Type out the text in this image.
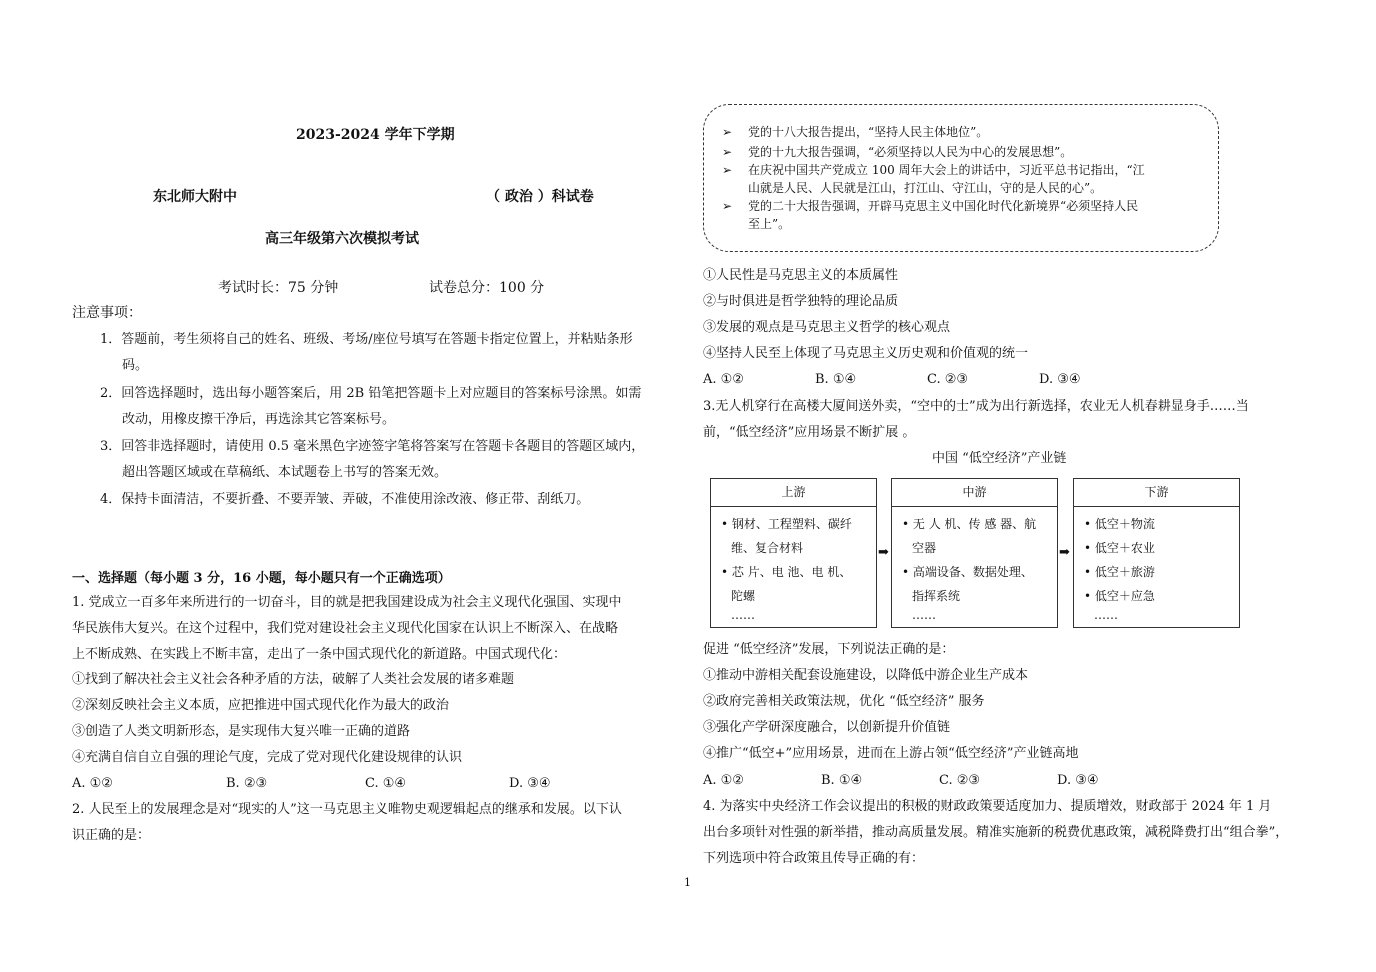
2023-2024 学年下学期
东北师大附中	（ 政治 ）科试卷
高三年级第六次模拟考试
考试时长：75 分钟	试卷总分：100 分
注意事项：
1．答题前，考生须将自己的姓名、班级、考场/座位号填写在答题卡指定位置上，并粘贴条形
码。
2．回答选择题时，选出每小题答案后，用 2B 铅笔把答题卡上对应题目的答案标号涂黑。如需
改动，用橡皮擦干净后，再选涂其它答案标号。
3．回答非选择题时，请使用 0.5 毫米黑色字迹签字笔将答案写在答题卡各题目的答题区域内，
超出答题区域或在草稿纸、本试题卷上书写的答案无效。
4．保持卡面清洁，不要折叠、不要弄皱、弄破，不准使用涂改液、修正带、刮纸刀。
一、选择题（每小题 3 分，16 小题，每小题只有一个正确选项）
1. 党成立一百多年来所进行的一切奋斗，目的就是把我国建设成为社会主义现代化强国、实现中
华民族伟大复兴。在这个过程中，我们党对建设社会主义现代化国家在认识上不断深入、在战略
上不断成熟、在实践上不断丰富，走出了一条中国式现代化的新道路。中国式现代化：
①找到了解决社会主义社会各种矛盾的方法，破解了人类社会发展的诸多难题
②深刻反映社会主义本质，应把推进中国式现代化作为最大的政治
③创造了人类文明新形态，是实现伟大复兴唯一正确的道路
④充满自信自立自强的理论气度，完成了党对现代化建设规律的认识
A. ①②	B. ②③	C. ①④	D. ③④
2. 人民至上的发展理念是对“现实的人”这一马克思主义唯物史观逻辑起点的继承和发展。以下认
识正确的是：
➢ 党的十八大报告提出，“坚持人民主体地位”。
➢ 党的十九大报告强调，“必须坚持以人民为中心的发展思想”。
➢ 在庆祝中国共产党成立 100 周年大会上的讲话中，习近平总书记指出，“江
山就是人民、人民就是江山，打江山、守江山，守的是人民的心”。
➢ 党的二十大报告强调，开辟马克思主义中国化时代化新境界“必须坚持人民
至上”。
①人民性是马克思主义的本质属性
②与时俱进是哲学独特的理论品质
③发展的观点是马克思主义哲学的核心观点
④坚持人民至上体现了马克思主义历史观和价值观的统一
A. ①②	B. ①④	C. ②③	D. ③④
3.无人机穿行在高楼大厦间送外卖，“空中的士”成为出行新选择，农业无人机春耕显身手……当
前，“低空经济”应用场景不断扩展 。
中国 “低空经济”产业链
上游
• 钢材、工程塑料、碳纤
维、复合材料
• 芯 片、电 池、电 机、
陀螺
……
➡
中游
• 无 人 机、传 感 器、航
空器
• 高端设备、数据处理、
指挥系统
……
➡
下游
• 低空＋物流
• 低空＋农业
• 低空＋旅游
• 低空＋应急
……
促进 “低空经济”发展，下列说法正确的是：
①推动中游相关配套设施建设，以降低中游企业生产成本
②政府完善相关政策法规，优化 “低空经济” 服务
③强化产学研深度融合，以创新提升价值链
④推广“低空+”应用场景，进而在上游占领“低空经济”产业链高地
A. ①②	B. ①④	C. ②③	D. ③④
4. 为落实中央经济工作会议提出的积极的财政政策要适度加力、提质增效，财政部于 2024 年 1 月
出台多项针对性强的新举措，推动高质量发展。精准实施新的税费优惠政策，减税降费打出“组合拳”，
下列选项中符合政策且传导正确的有：
1
